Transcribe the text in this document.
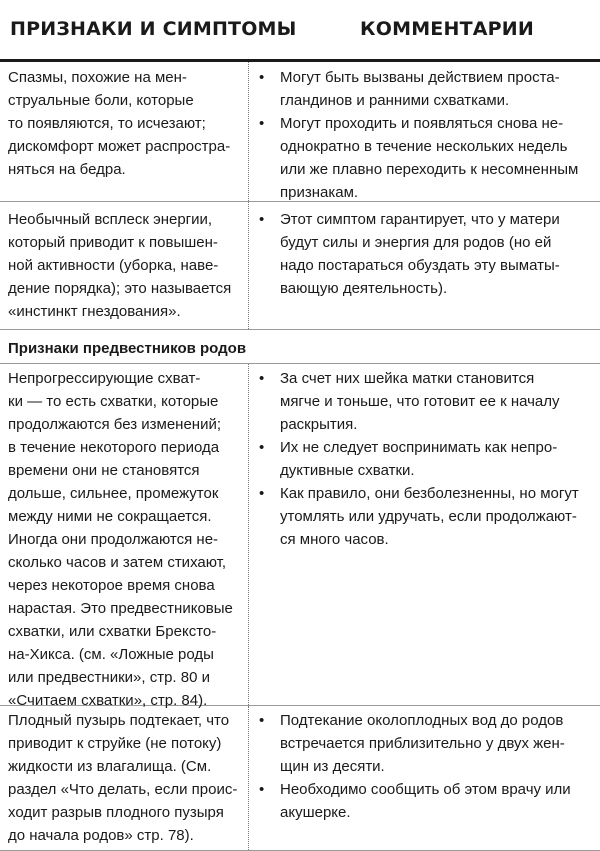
ПРИЗНАКИ И СИМПТОМЫ	КОММЕНТАРИИ
Спазмы, похожие на мен-
струальные боли, которые
то появляются, то исчезают;
дискомфорт может распростра-
няться на бедра.
• Могут быть вызваны действием проста-
гландинов и ранними схватками.
• Могут проходить и появляться снова не-
однократно в течение нескольких недель
или же плавно переходить к несомненным
признакам.
Необычный всплеск энергии,
который приводит к повышен-
ной активности (уборка, наве-
дение порядка); это называется
«инстинкт гнездования».
• Этот симптом гарантирует, что у матери
будут силы и энергия для родов (но ей
надо постараться обуздать эту выматы-
вающую деятельность).
Признаки предвестников родов
Непрогрессирующие схват-
ки — то есть схватки, которые
продолжаются без изменений;
в течение некоторого периода
времени они не становятся
дольше, сильнее, промежуток
между ними не сокращается.
Иногда они продолжаются не-
сколько часов и затем стихают,
через некоторое время снова
нарастая. Это предвестниковые
схватки, или схватки Брексто-
на-Хикса. (см. «Ложные роды
или предвестники», стр. 80 и
«Считаем схватки», стр. 84).
• За счет них шейка матки становится
мягче и тоньше, что готовит ее к началу
раскрытия.
• Их не следует воспринимать как непро-
дуктивные схватки.
• Как правило, они безболезненны, но могут
утомлять или удручать, если продолжают-
ся много часов.
Плодный пузырь подтекает, что
приводит к струйке (не потоку)
жидкости из влагалища. (См.
раздел «Что делать, если проис-
ходит разрыв плодного пузыря
до начала родов» стр. 78).
• Подтекание околоплодных вод до родов
встречается приблизительно у двух жен-
щин из десяти.
• Необходимо сообщить об этом врачу или
акушерке.
